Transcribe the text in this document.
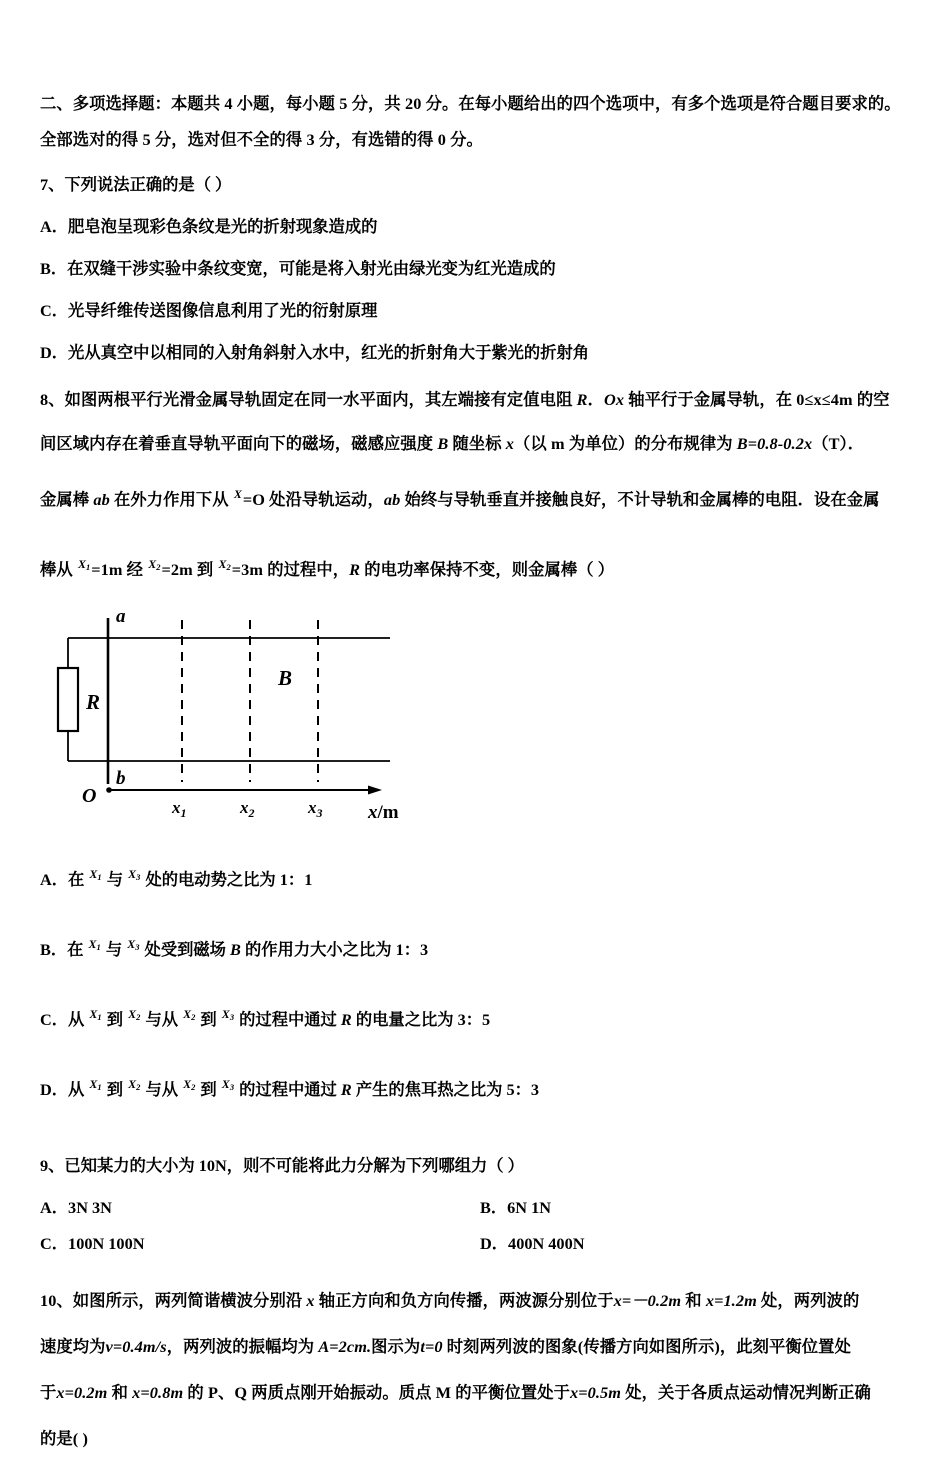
二、多项选择题：本题共 4 小题，每小题 5 分，共 20 分。在每小题给出的四个选项中，有多个选项是符合题目要求的。

全部选对的得 5 分，选对但不全的得 3 分，有选错的得 0 分。

7、下列说法正确的是（ ）

A．肥皂泡呈现彩色条纹是光的折射现象造成的

B．在双缝干涉实验中条纹变宽，可能是将入射光由绿光变为红光造成的

C．光导纤维传送图像信息利用了光的衍射原理

D．光从真空中以相同的入射角斜射入水中，红光的折射角大于紫光的折射角

8、如图两根平行光滑金属导轨固定在同一水平面内，其左端接有定值电阻 R．Ox 轴平行于金属导轨，在 0≤x≤4m 的空

间区域内存在着垂直导轨平面向下的磁场，磁感应强度 B 随坐标 x（以 m 为单位）的分布规律为 B=0.8-0.2x（T）．

金属棒 ab 在外力作用下从 $^X$=O 处沿导轨运动，ab 始终与导轨垂直并接触良好，不计导轨和金属棒的电阻．设在金属

棒从 $^{X_1}$=1m 经 $^{X_2}$=2m 到 $^{X_2}$=3m 的过程中，R 的电功率保持不变，则金属棒（ ）

a
b
R
B
O
$x_1$	$x_2$	$x_3$ x/m

A．在 $^{X_1}$ 与 $^{X_3}$ 处的电动势之比为 1：1

B．在 $^{X_1}$ 与 $^{X_3}$ 处受到磁场 B 的作用力大小之比为 1：3

C．从 $^{X_1}$ 到 $^{X_2}$ 与从 $^{X_2}$ 到 $^{X_3}$ 的过程中通过 R 的电量之比为 3：5

D．从 $^{X_1}$ 到 $^{X_2}$ 与从 $^{X_2}$ 到 $^{X_3}$ 的过程中通过 R 产生的焦耳热之比为 5：3

9、已知某力的大小为 10N，则不可能将此力分解为下列哪组力（ ）

A．3N 3N	B．6N 1N
C．100N 100N	D．400N 400N

10、如图所示，两列简谐横波分别沿 x 轴正方向和负方向传播，两波源分别位于x=－0.2m 和 x=1.2m 处，两列波的

速度均为v=0.4m/s，两列波的振幅均为 A=2cm.图示为t=0 时刻两列波的图象(传播方向如图所示)，此刻平衡位置处

于x=0.2m 和 x=0.8m 的 P、Q 两质点刚开始振动。质点 M 的平衡位置处于x=0.5m 处，关于各质点运动情况判断正确

的是( )
